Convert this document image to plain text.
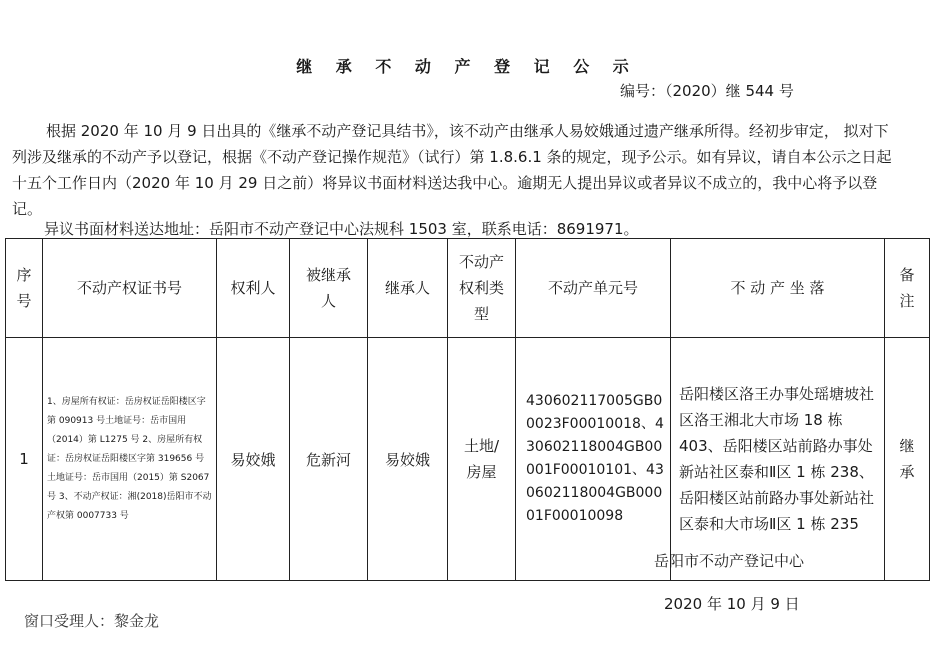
继 承 不 动 产 登 记 公 示
编号：（2020）继 544 号
根据 2020 年 10 月 9 日出具的《继承不动产登记具结书》，该不动产由继承人易姣娥通过遗产继承所得。经初步审定， 拟对下列涉及继承的不动产予以登记，根据《不动产登记操作规范》（试行）第 1.8.6.1 条的规定，现予公示。如有异议，请自本公示之日起十五个工作日内（2020 年 10 月 29 日之前）将异议书面材料送达我中心。逾期无人提出异议或者异议不成立的，我中心将予以登记。
异议书面材料送达地址：岳阳市不动产登记中心法规科 1503 室，联系电话：8691971。
序号	不动产权证书号	权利人	被继承人	继承人	不动产权利类型	不动产单元号	不 动 产 坐 落	备注

1	1、房屋所有权证：岳房权证岳阳楼区字第 090913 号土地证号：岳市国用（2014）第 L1275 号 2、房屋所有权证：岳房权证岳阳楼区字第 319656 号土地证号：岳市国用（2015）第 S2067 号 3、不动产权证：湘(2018)岳阳市不动产权第 0007733 号	易姣娥	危新河	易姣娥	土地/房屋	430602117005GB00023F00010018、430602118004GB00001F00010101、430602118004GB00001F00010098	岳阳楼区洛王办事处瑶塘坡社区洛王湘北大市场 18 栋 403、岳阳楼区站前路办事处新站社区泰和Ⅱ区 1 栋 238、岳阳楼区站前路办事处新站社区泰和大市场Ⅱ区 1 栋 235	继承
岳阳市不动产登记中心
2020 年 10 月 9 日
窗口受理人：黎金龙
